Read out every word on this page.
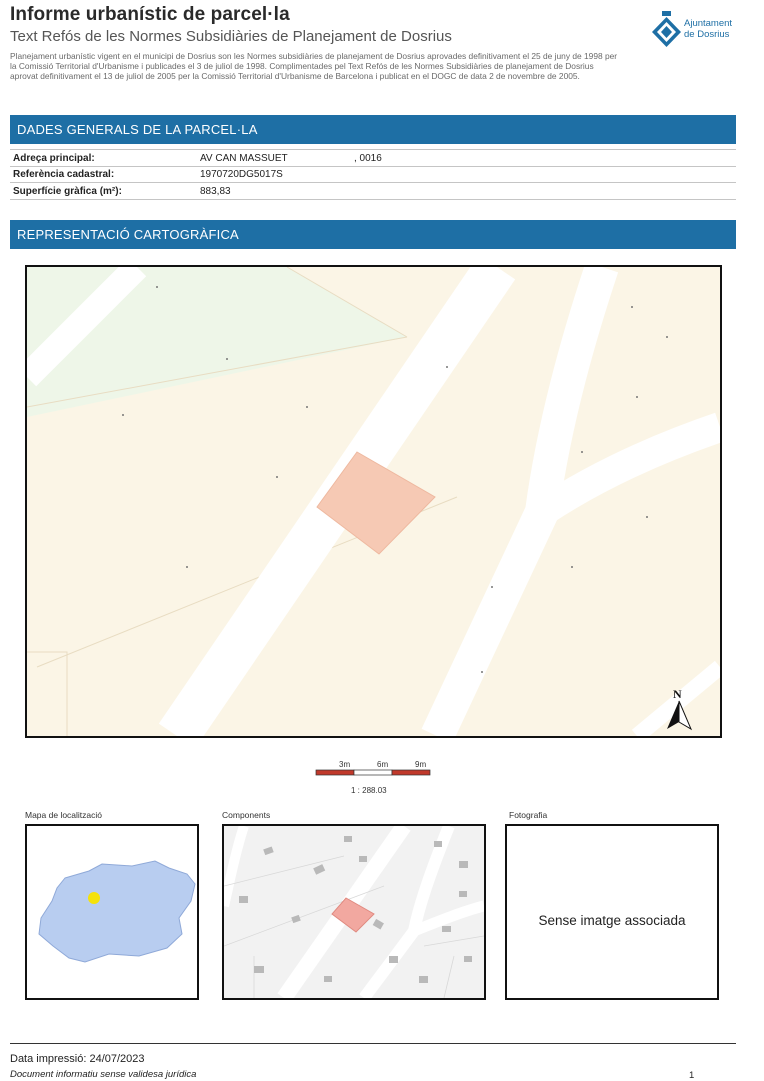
Informe urbanístic de parcel·la
Text Refós de les Normes Subsidiàries de Planejament de Dosrius
Planejament urbanístic vigent en el municipi de Dosrius son les Normes subsidiàries de planejament de Dosrius aprovades definitivament el 25 de juny de 1998 per la Comissió Territorial d'Urbanisme i publicades el 3 de juliol de 1998. Complimentades pel Text Refós de les Normes Subsidiàries de planejament de Dosrius aprovat definitivament el 13 de juliol de 2005 per la Comissió Territorial d'Urbanisme de Barcelona i publicat en el DOGC de data 2 de novembre de 2005.
Ajuntament
de Dosrius
DADES GENERALS DE LA PARCEL·LA
Adreça principal:	AV CAN MASSUET	, 0016
Referència cadastral:	1970720DG5017S
Superfície gràfica (m²):	883,83
REPRESENTACIÓ CARTOGRÀFICA
N
3m	6m	9m
1 : 288.03
Mapa de localització	Components	Fotografia
Sense imatge associada
Data impressió: 24/07/2023
Document informatiu sense validesa jurídica	1
